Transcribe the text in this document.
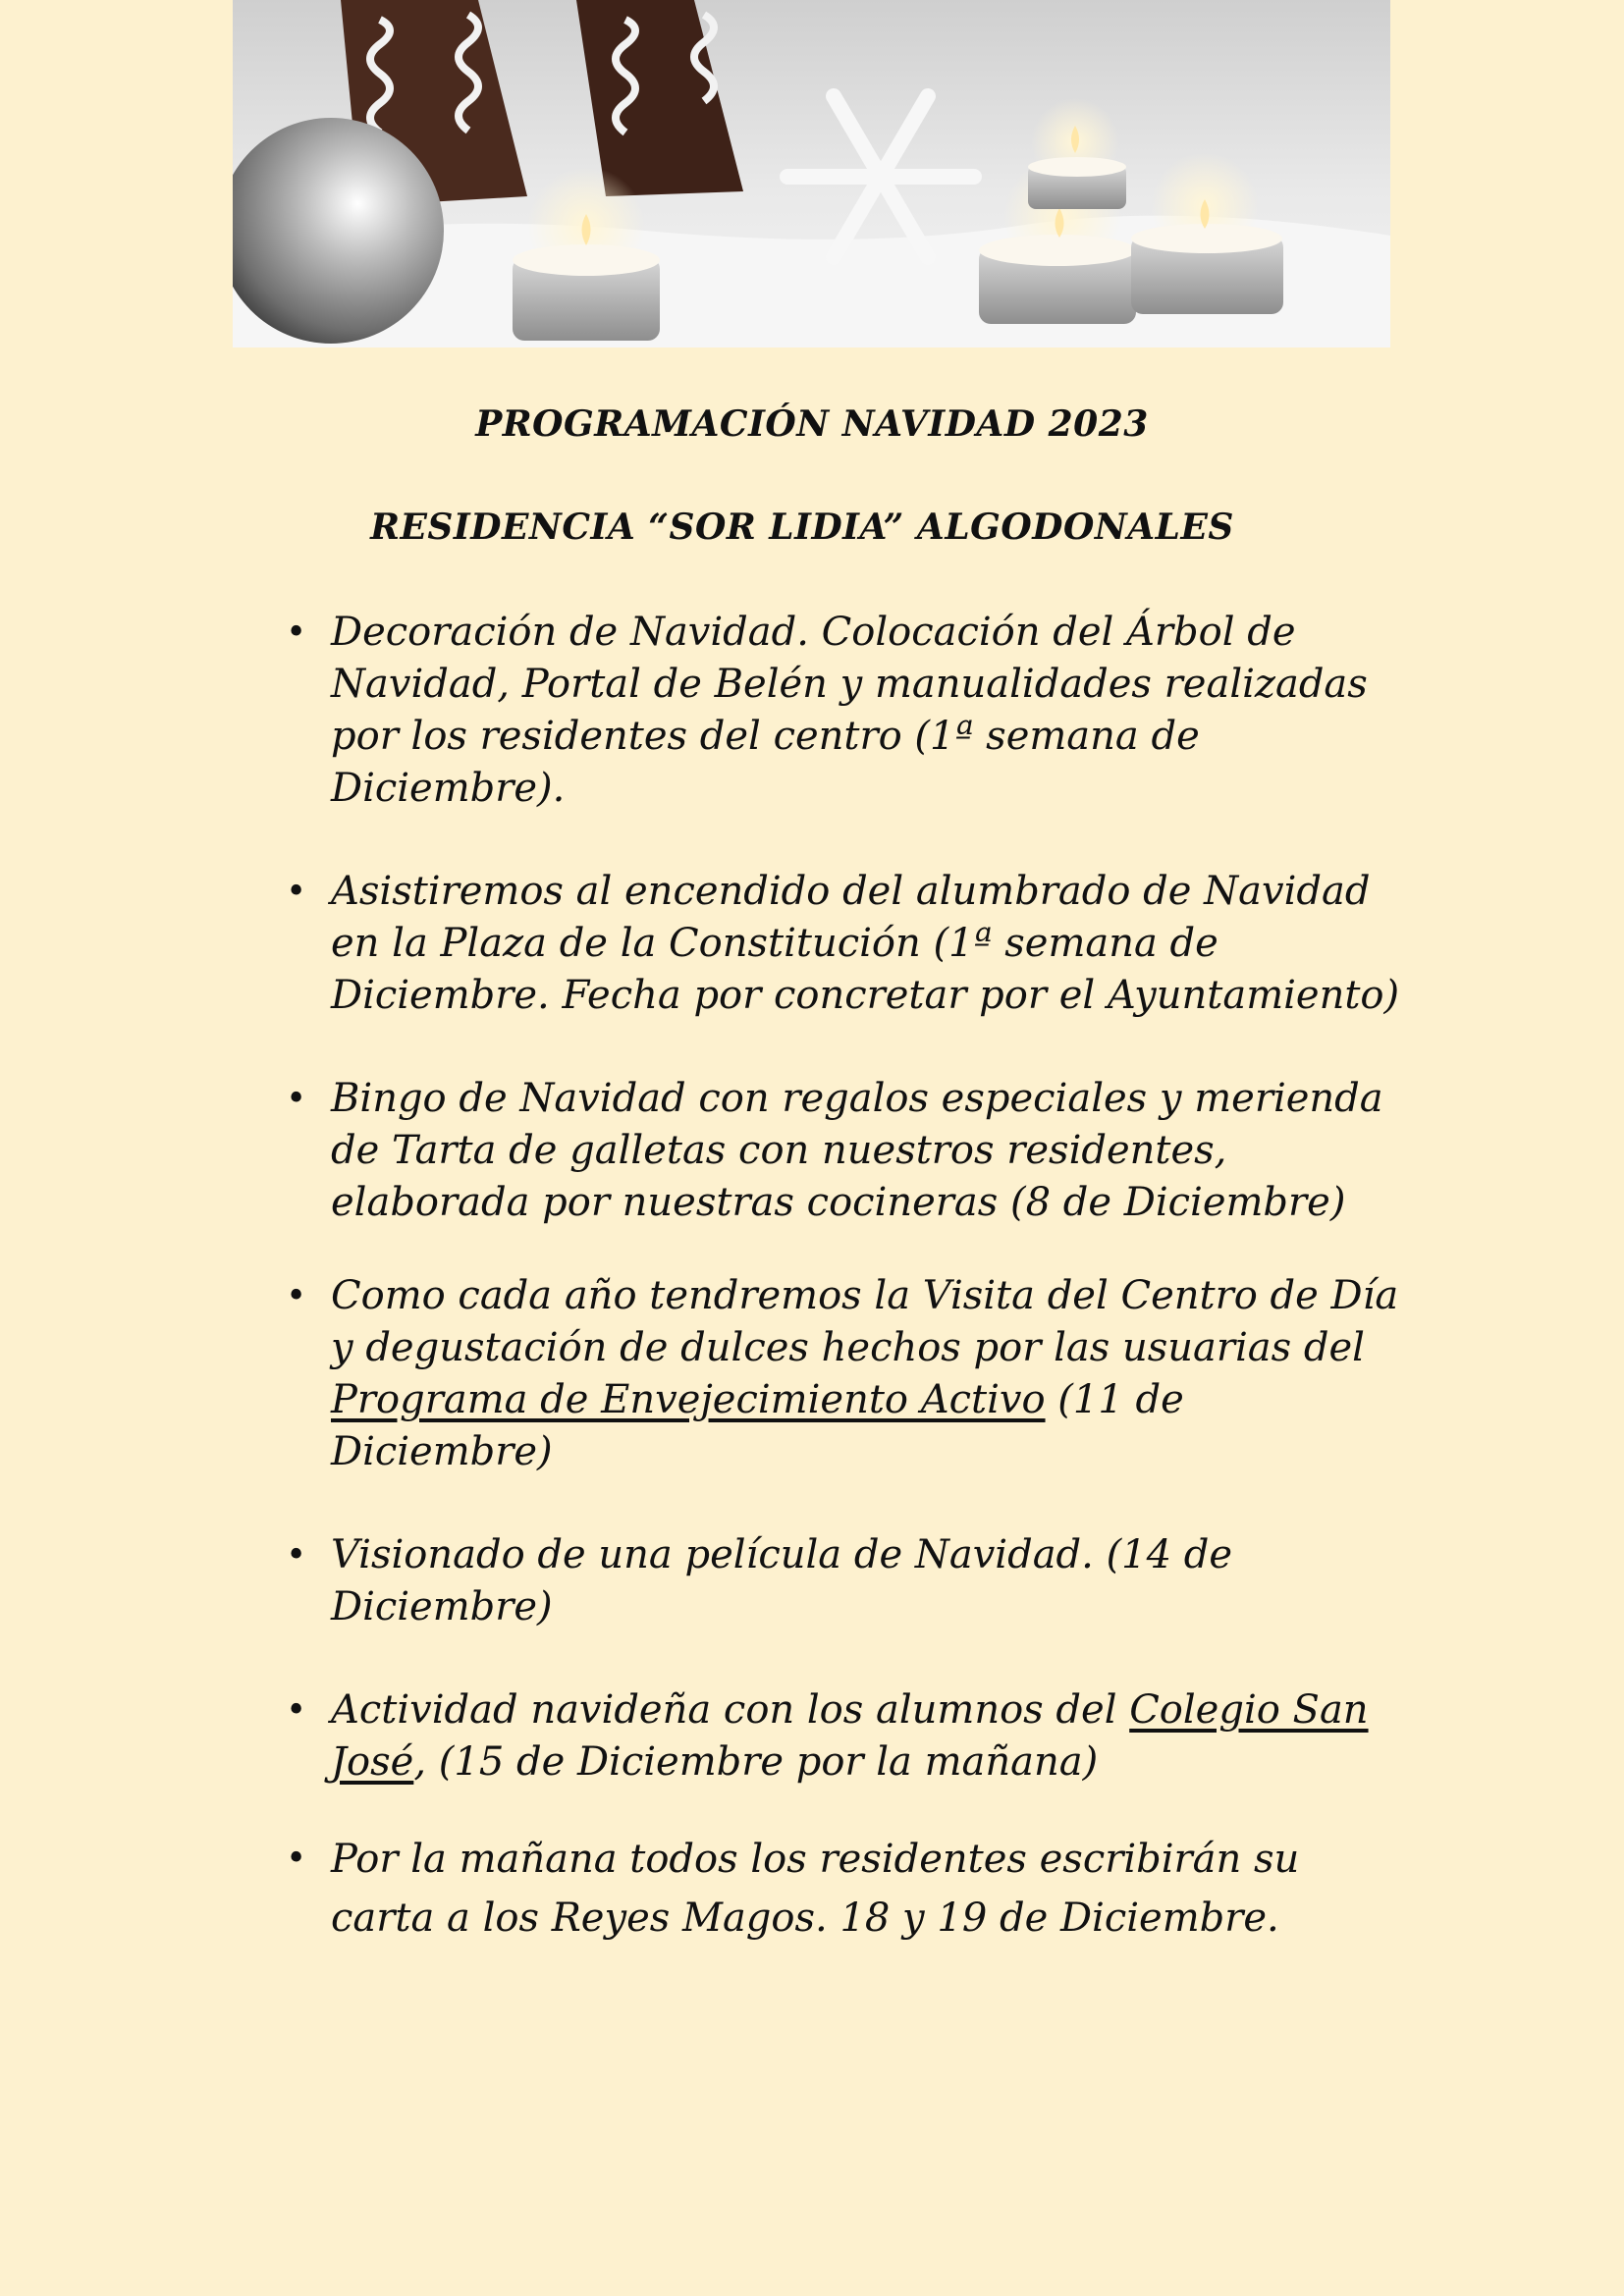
PROGRAMACIÓN NAVIDAD 2023
RESIDENCIA “SOR LIDIA” ALGODONALES
• Decoración de Navidad. Colocación del Árbol de Navidad, Portal de Belén y manualidades realizadas por los residentes del centro (1ª semana de Diciembre).
• Asistiremos al encendido del alumbrado de Navidad en la Plaza de la Constitución (1ª semana de Diciembre. Fecha por concretar por el Ayuntamiento)
• Bingo de Navidad con regalos especiales y merienda de Tarta de galletas con nuestros residentes, elaborada por nuestras cocineras (8 de Diciembre)
• Como cada año tendremos la Visita del Centro de Día y degustación de dulces hechos por las usuarias del Programa de Envejecimiento Activo (11 de Diciembre)
• Visionado de una película de Navidad. (14 de Diciembre)
• Actividad navideña con los alumnos del Colegio San José, (15 de Diciembre por la mañana)
• Por la mañana todos los residentes escribirán su carta a los Reyes Magos. 18 y 19 de Diciembre.
